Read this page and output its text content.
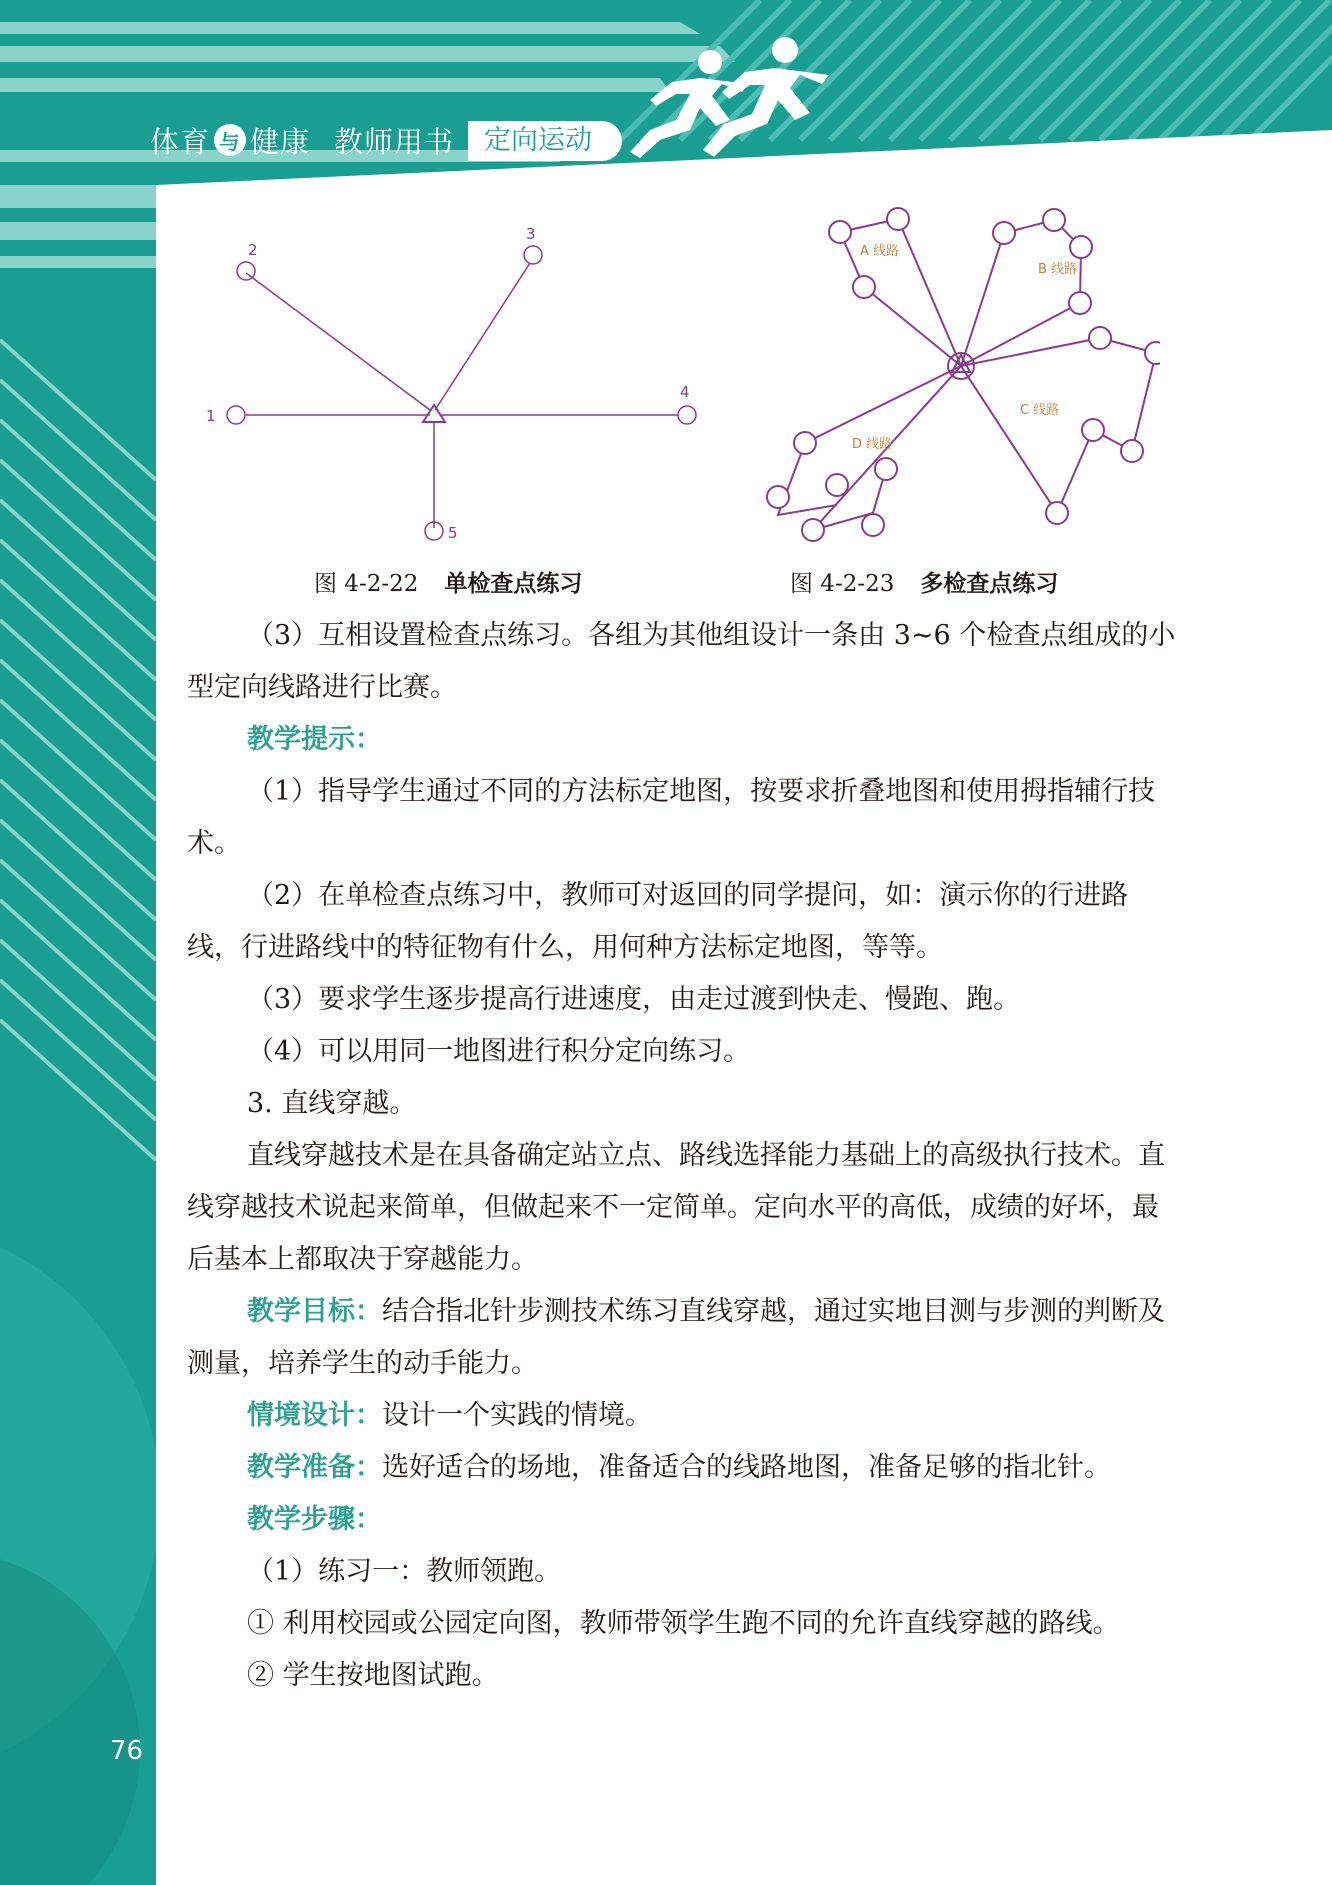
体育 与 健康 教师用书	定向运动
1
2
3
4
5
A 线路
B 线路
C 线路
D 线路
图 4-2-22 单检查点练习	图 4-2-23 多检查点练习

（3）互相设置检查点练习。各组为其他组设计一条由 3~6 个检查点组成的小型定向线路进行比赛。

教学提示：

（1）指导学生通过不同的方法标定地图，按要求折叠地图和使用拇指辅行技术。

（2）在单检查点练习中，教师可对返回的同学提问，如：演示你的行进路线，行进路线中的特征物有什么，用何种方法标定地图，等等。

（3）要求学生逐步提高行进速度，由走过渡到快走、慢跑、跑。

（4）可以用同一地图进行积分定向练习。

3. 直线穿越。

直线穿越技术是在具备确定站立点、路线选择能力基础上的高级执行技术。直线穿越技术说起来简单，但做起来不一定简单。定向水平的高低，成绩的好坏，最后基本上都取决于穿越能力。

教学目标：结合指北针步测技术练习直线穿越，通过实地目测与步测的判断及测量，培养学生的动手能力。

情境设计：设计一个实践的情境。

教学准备：选好适合的场地，准备适合的线路地图，准备足够的指北针。

教学步骤：

（1）练习一：教师领跑。

① 利用校园或公园定向图，教师带领学生跑不同的允许直线穿越的路线。

② 学生按地图试跑。

76
